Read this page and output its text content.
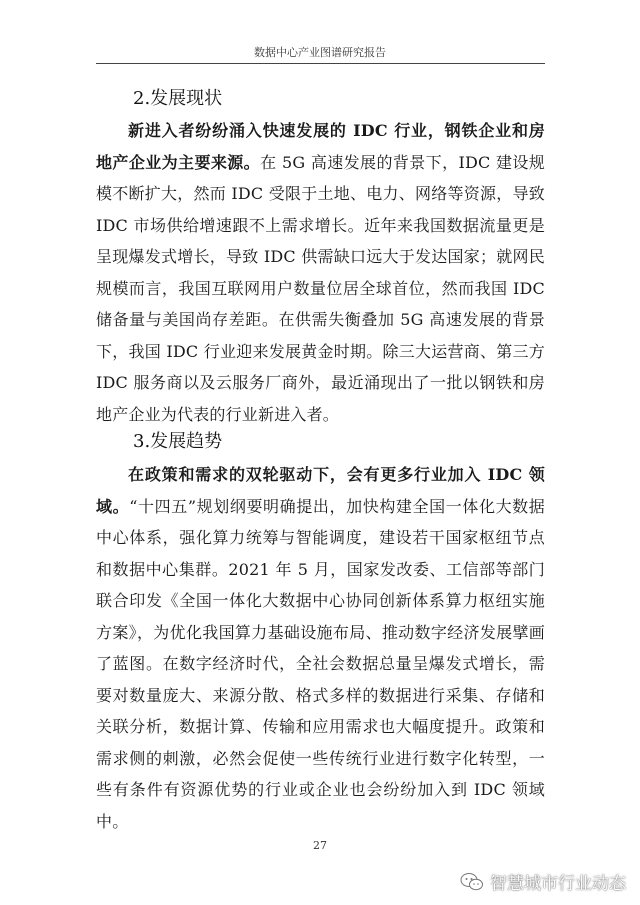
数据中心产业图谱研究报告
2.发展现状

新进入者纷纷涌入快速发展的 IDC 行业，钢铁企业和房地产企业为主要来源。在 5G 高速发展的背景下，IDC 建设规模不断扩大，然而 IDC 受限于土地、电力、网络等资源，导致 IDC 市场供给增速跟不上需求增长。近年来我国数据流量更是呈现爆发式增长，导致 IDC 供需缺口远大于发达国家；就网民规模而言，我国互联网用户数量位居全球首位，然而我国 IDC 储备量与美国尚存差距。在供需失衡叠加 5G 高速发展的背景下，我国 IDC 行业迎来发展黄金时期。除三大运营商、第三方 IDC 服务商以及云服务厂商外，最近涌现出了一批以钢铁和房地产企业为代表的行业新进入者。

3.发展趋势

在政策和需求的双轮驱动下，会有更多行业加入 IDC 领域。“十四五”规划纲要明确提出，加快构建全国一体化大数据中心体系，强化算力统筹与智能调度，建设若干国家枢纽节点和数据中心集群。2021 年 5 月，国家发改委、工信部等部门联合印发《全国一体化大数据中心协同创新体系算力枢纽实施方案》，为优化我国算力基础设施布局、推动数字经济发展擘画了蓝图。在数字经济时代，全社会数据总量呈爆发式增长，需要对数量庞大、来源分散、格式多样的数据进行采集、存储和关联分析，数据计算、传输和应用需求也大幅度提升。政策和需求侧的刺激，必然会促使一些传统行业进行数字化转型，一些有条件有资源优势的行业或企业也会纷纷加入到 IDC 领域中。

27
智慧城市行业动态
